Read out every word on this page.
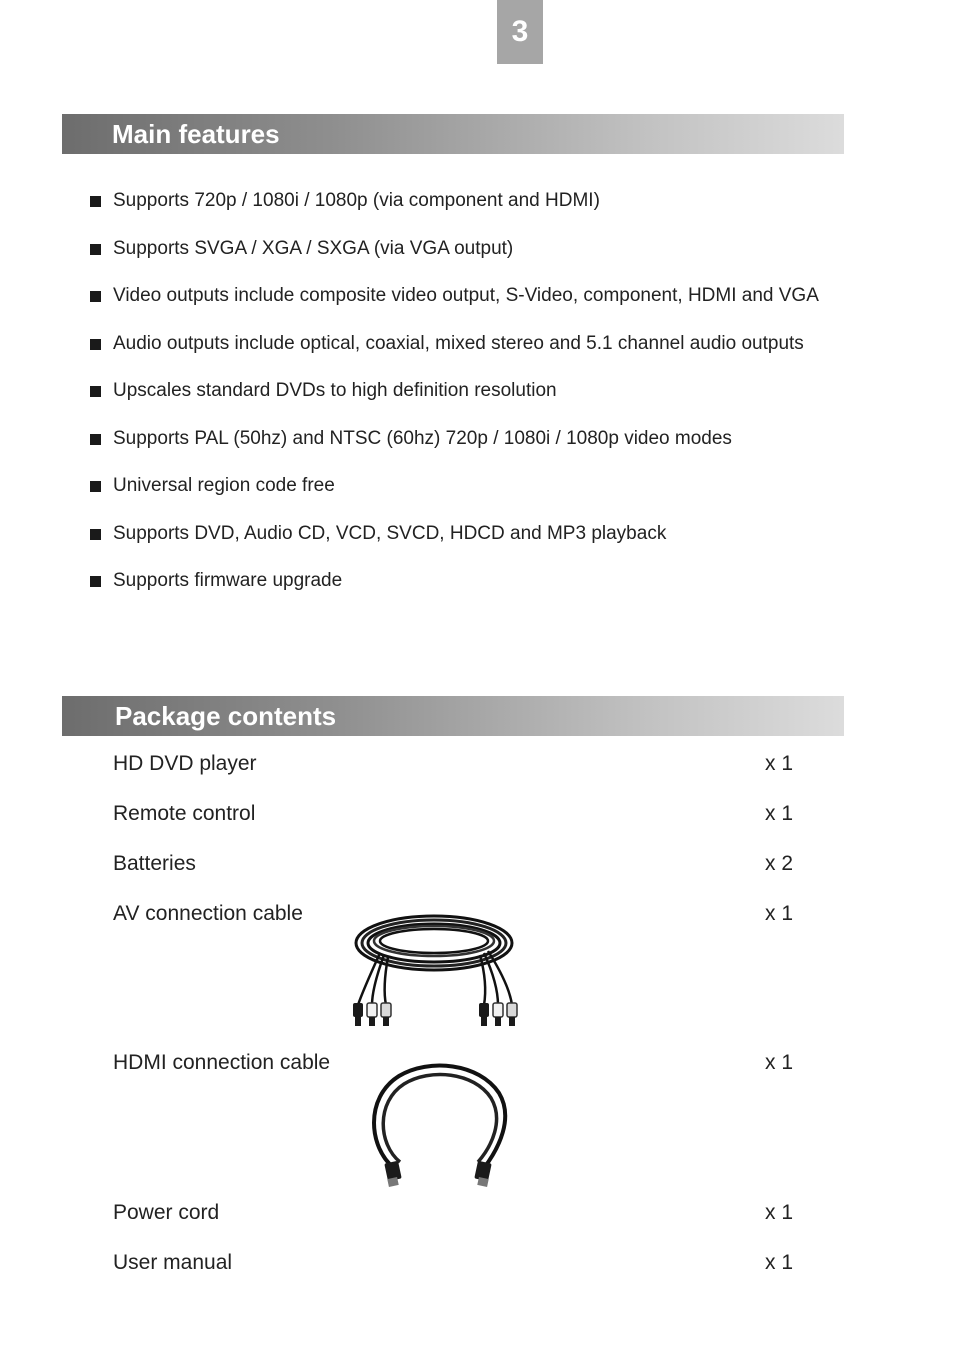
3
Main features
Supports 720p / 1080i / 1080p (via component and HDMI)
Supports SVGA / XGA / SXGA (via VGA output)
Video outputs include composite video output, S-Video, component, HDMI and VGA
Audio outputs include optical, coaxial, mixed stereo and 5.1 channel audio outputs
Upscales standard DVDs to high definition resolution
Supports PAL (50hz) and NTSC (60hz) 720p / 1080i / 1080p video modes
Universal region code free
Supports DVD, Audio CD, VCD, SVCD, HDCD and MP3 playback
Supports firmware upgrade
Package contents
HD DVD player	x 1
Remote control	x 1
Batteries	x 2
AV connection cable	x 1
HDMI connection cable	x 1
Power cord	x 1
User manual	x 1
